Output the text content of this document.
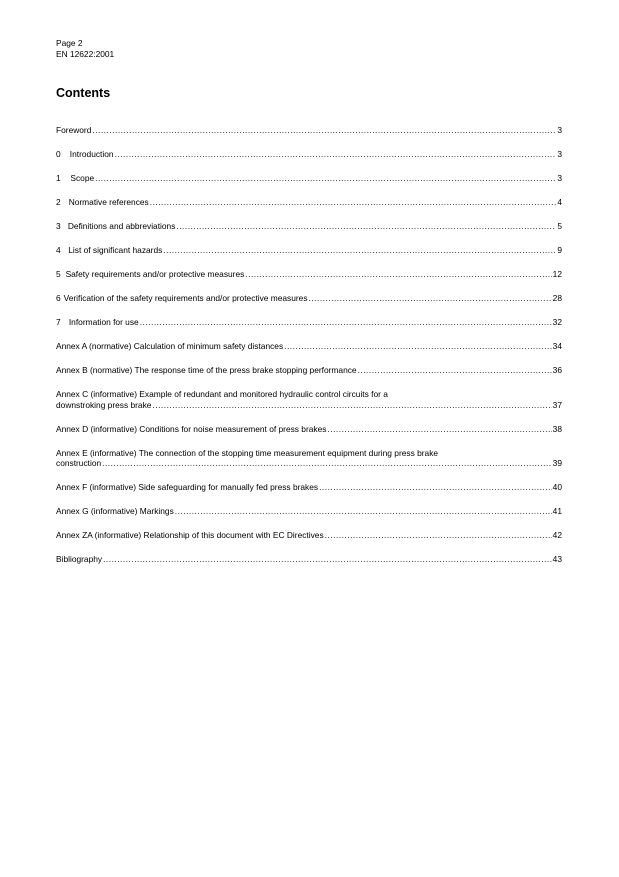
Page 2
EN 12622:2001
Contents
Foreword .....	3
0	Introduction .....	3
1	Scope .....	3
2 Normative references .....	4
3 Definitions and abbreviations .....	5
4 List of significant hazards .....	9
5 Safety requirements and/or protective measures .....	12
6 Verification of the safety requirements and/or protective measures .....	28
7 Information for use .....	32
Annex A (normative) Calculation of minimum safety distances .....	34
Annex B (normative) The response time of the press brake stopping performance .....	36
Annex C (informative) Example of redundant and monitored hydraulic control circuits for a
downstroking press brake .....	37
Annex D (informative) Conditions for noise measurement of press brakes .....	38
Annex E (informative) The connection of the stopping time measurement equipment during press brake
construction .....	39
Annex F (informative) Side safeguarding for manually fed press brakes .....	40
Annex G (informative) Markings .....	41
Annex ZA (informative) Relationship of this document with EC Directives .....	42
Bibliography .....	43
